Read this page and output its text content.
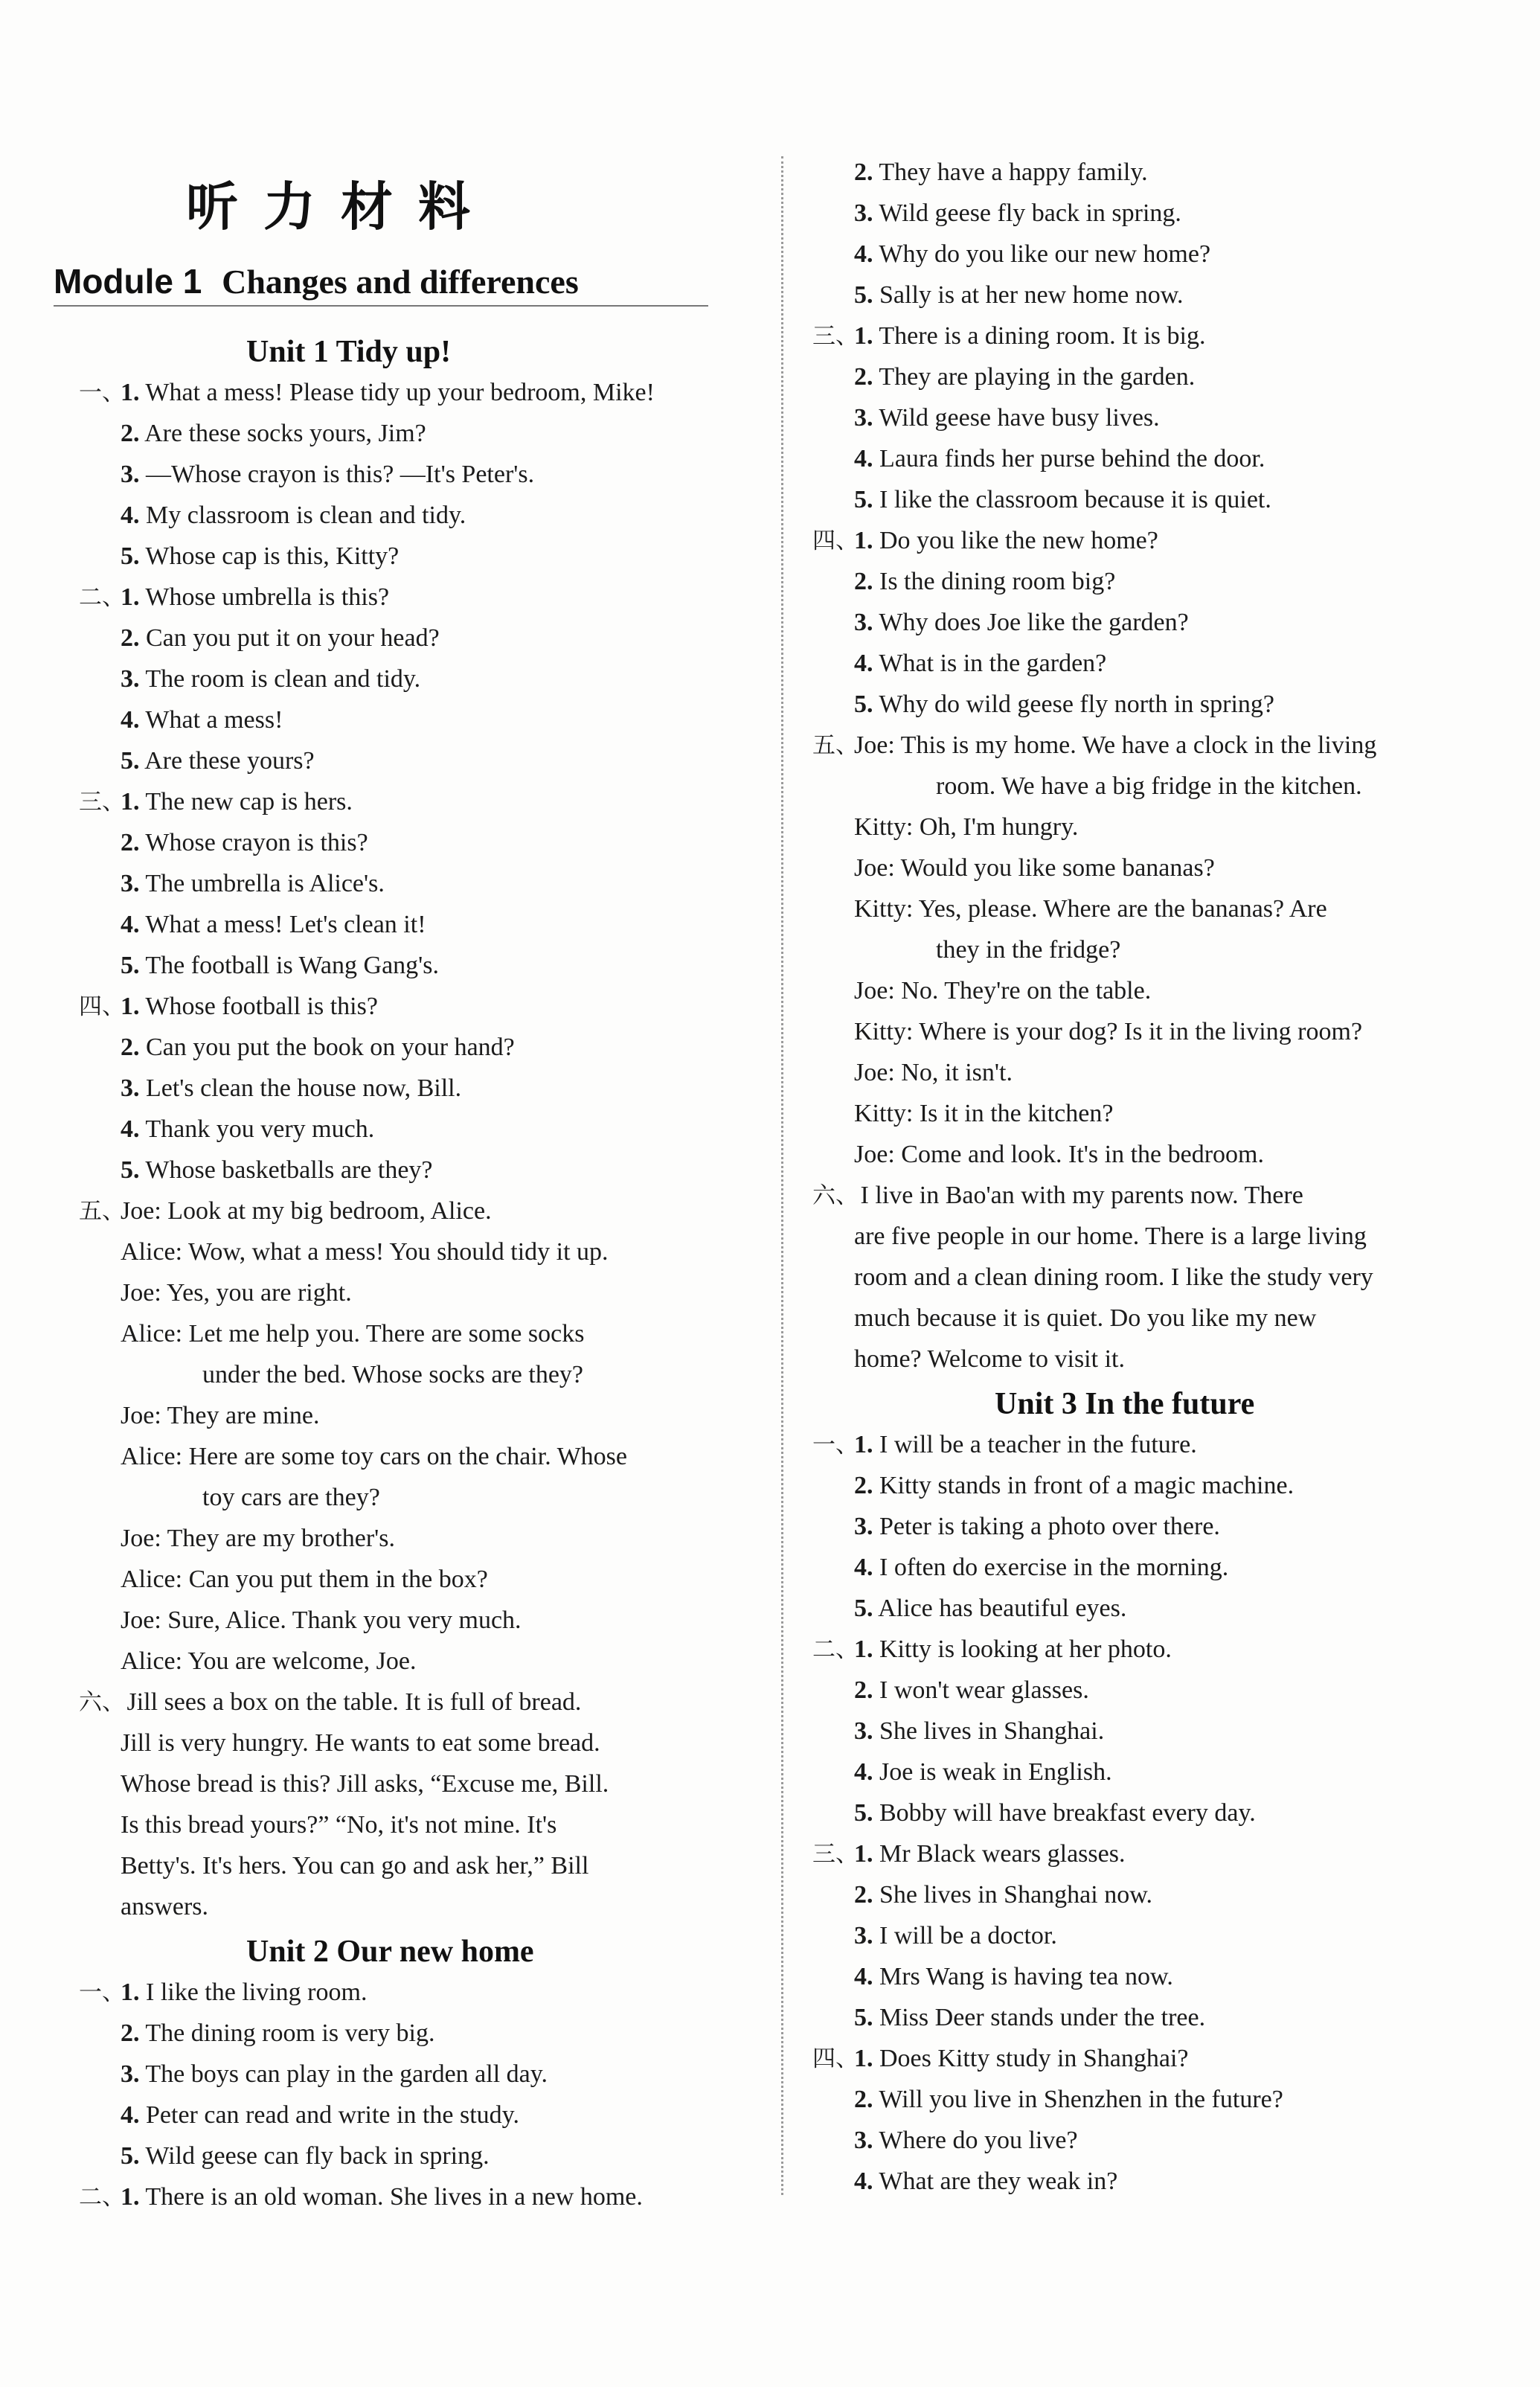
听力材料
Module 1 Changes and differences
Unit 1 Tidy up!
一、1. What a mess! Please tidy up your bedroom, Mike!
2. Are these socks yours, Jim?
3. —Whose crayon is this? —It's Peter's.
4. My classroom is clean and tidy.
5. Whose cap is this, Kitty?
二、1. Whose umbrella is this?
2. Can you put it on your head?
3. The room is clean and tidy.
4. What a mess!
5. Are these yours?
三、1. The new cap is hers.
2. Whose crayon is this?
3. The umbrella is Alice's.
4. What a mess! Let's clean it!
5. The football is Wang Gang's.
四、1. Whose football is this?
2. Can you put the book on your hand?
3. Let's clean the house now, Bill.
4. Thank you very much.
5. Whose basketballs are they?
五、Joe: Look at my big bedroom, Alice.
Alice: Wow, what a mess! You should tidy it up.
Joe: Yes, you are right.
Alice: Let me help you. There are some socks
under the bed. Whose socks are they?
Joe: They are mine.
Alice: Here are some toy cars on the chair. Whose
toy cars are they?
Joe: They are my brother's.
Alice: Can you put them in the box?
Joe: Sure, Alice. Thank you very much.
Alice: You are welcome, Joe.
六、 Jill sees a box on the table. It is full of bread.
Jill is very hungry. He wants to eat some bread.
Whose bread is this? Jill asks, “Excuse me, Bill.
Is this bread yours?” “No, it's not mine. It's
Betty's. It's hers. You can go and ask her,” Bill
answers.
Unit 2 Our new home
一、1. I like the living room.
2. The dining room is very big.
3. The boys can play in the garden all day.
4. Peter can read and write in the study.
5. Wild geese can fly back in spring.
二、1. There is an old woman. She lives in a new home.
2. They have a happy family.
3. Wild geese fly back in spring.
4. Why do you like our new home?
5. Sally is at her new home now.
三、1. There is a dining room. It is big.
2. They are playing in the garden.
3. Wild geese have busy lives.
4. Laura finds her purse behind the door.
5. I like the classroom because it is quiet.
四、1. Do you like the new home?
2. Is the dining room big?
3. Why does Joe like the garden?
4. What is in the garden?
5. Why do wild geese fly north in spring?
五、Joe: This is my home. We have a clock in the living
room. We have a big fridge in the kitchen.
Kitty: Oh, I'm hungry.
Joe: Would you like some bananas?
Kitty: Yes, please. Where are the bananas? Are
they in the fridge?
Joe: No. They're on the table.
Kitty: Where is your dog? Is it in the living room?
Joe: No, it isn't.
Kitty: Is it in the kitchen?
Joe: Come and look. It's in the bedroom.
六、 I live in Bao'an with my parents now. There
are five people in our home. There is a large living
room and a clean dining room. I like the study very
much because it is quiet. Do you like my new
home? Welcome to visit it.
Unit 3 In the future
一、1. I will be a teacher in the future.
2. Kitty stands in front of a magic machine.
3. Peter is taking a photo over there.
4. I often do exercise in the morning.
5. Alice has beautiful eyes.
二、1. Kitty is looking at her photo.
2. I won't wear glasses.
3. She lives in Shanghai.
4. Joe is weak in English.
5. Bobby will have breakfast every day.
三、1. Mr Black wears glasses.
2. She lives in Shanghai now.
3. I will be a doctor.
4. Mrs Wang is having tea now.
5. Miss Deer stands under the tree.
四、1. Does Kitty study in Shanghai?
2. Will you live in Shenzhen in the future?
3. Where do you live?
4. What are they weak in?
